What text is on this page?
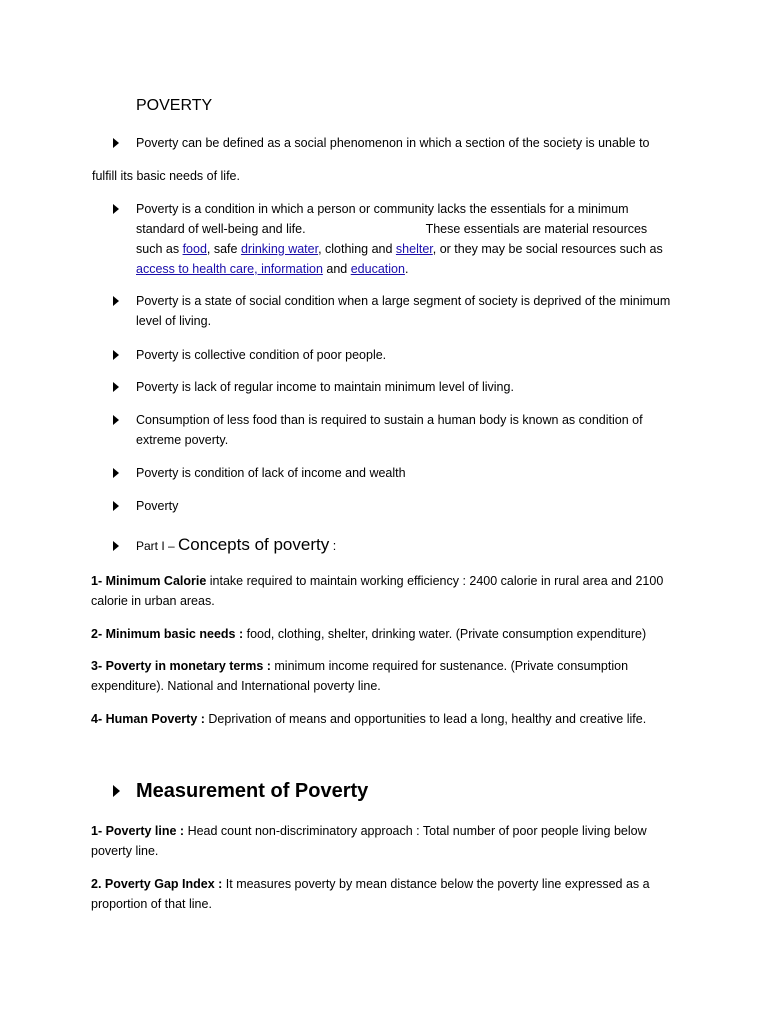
POVERTY
Poverty can be defined as a social phenomenon in which a section of the society is unable to
fulfill its basic needs of life.
Poverty is a condition in which a person or community lacks the essentials for a minimum standard of well-being and life.	These essentials are material resources such as food, safe drinking water, clothing and shelter, or they may be social resources such as access to health care, information and education.
Poverty is a state of social condition when a large segment of society is deprived of the minimum level of living.
Poverty is collective condition of poor people.
Poverty is lack of regular income to maintain minimum level of living.
Consumption of less food than is required to sustain a human body is known as condition of extreme poverty.
Poverty is condition of lack of income and wealth
Poverty
Part I – Concepts of poverty :
1- Minimum Calorie intake required to maintain working efficiency : 2400 calorie in rural area and 2100 calorie in urban areas.
2- Minimum basic needs : food, clothing, shelter, drinking water. (Private consumption expenditure)
3- Poverty in monetary terms : minimum income required for sustenance. (Private consumption expenditure). National and International poverty line.
4- Human Poverty : Deprivation of means and opportunities to lead a long, healthy and creative life.
Measurement of Poverty
1- Poverty line : Head count non-discriminatory approach : Total number of poor people living below poverty line.
2. Poverty Gap Index : It measures poverty by mean distance below the poverty line expressed as a proportion of that line.
